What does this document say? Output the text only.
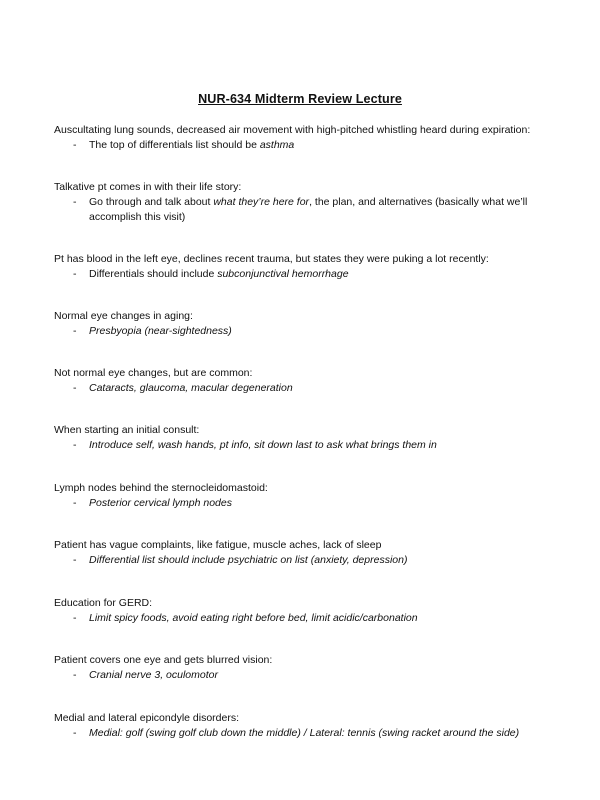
NUR-634 Midterm Review Lecture

Auscultating lung sounds, decreased air movement with high-pitched whistling heard during expiration:

- The top of differentials list should be asthma

Talkative pt comes in with their life story:

- Go through and talk about what they’re here for, the plan, and alternatives (basically what we’ll accomplish this visit)

Pt has blood in the left eye, declines recent trauma, but states they were puking a lot recently:

- Differentials should include subconjunctival hemorrhage

Normal eye changes in aging:

- Presbyopia (near-sightedness)

Not normal eye changes, but are common:

- Cataracts, glaucoma, macular degeneration

When starting an initial consult:

- Introduce self, wash hands, pt info, sit down last to ask what brings them in

Lymph nodes behind the sternocleidomastoid:

- Posterior cervical lymph nodes

Patient has vague complaints, like fatigue, muscle aches, lack of sleep

- Differential list should include psychiatric on list (anxiety, depression)

Education for GERD:

- Limit spicy foods, avoid eating right before bed, limit acidic/carbonation

Patient covers one eye and gets blurred vision:

- Cranial nerve 3, oculomotor

Medial and lateral epicondyle disorders:

- Medial: golf (swing golf club down the middle) / Lateral: tennis (swing racket around the side)
